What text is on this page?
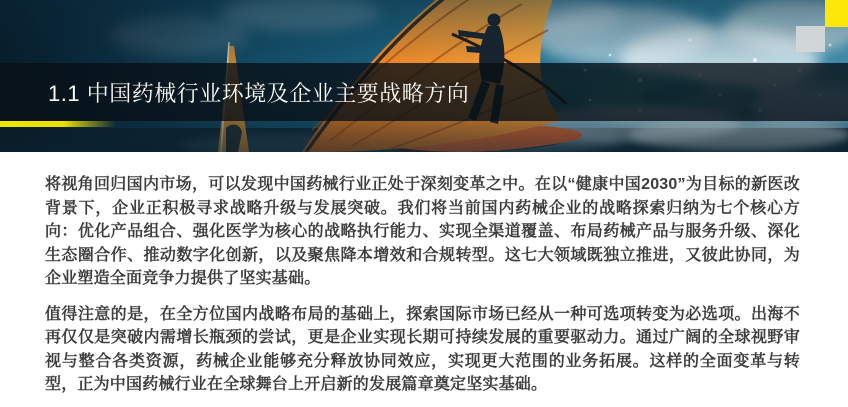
1.1 中国药械行业环境及企业主要战略方向

将视角回归国内市场，可以发现中国药械行业正处于深刻变革之中。在以“健康中国2030”为目标的新医改背景下，企业正积极寻求战略升级与发展突破。我们将当前国内药械企业的战略探索归纳为七个核心方向：优化产品组合、强化医学为核心的战略执行能力、实现全渠道覆盖、布局药械产品与服务升级、深化生态圈合作、推动数字化创新，以及聚焦降本增效和合规转型。这七大领域既独立推进，又彼此协同，为企业塑造全面竞争力提供了坚实基础。

值得注意的是，在全方位国内战略布局的基础上，探索国际市场已经从一种可选项转变为必选项。出海不再仅仅是突破内需增长瓶颈的尝试，更是企业实现长期可持续发展的重要驱动力。通过广阔的全球视野审视与整合各类资源，药械企业能够充分释放协同效应，实现更大范围的业务拓展。这样的全面变革与转型，正为中国药械行业在全球舞台上开启新的发展篇章奠定坚实基础。
